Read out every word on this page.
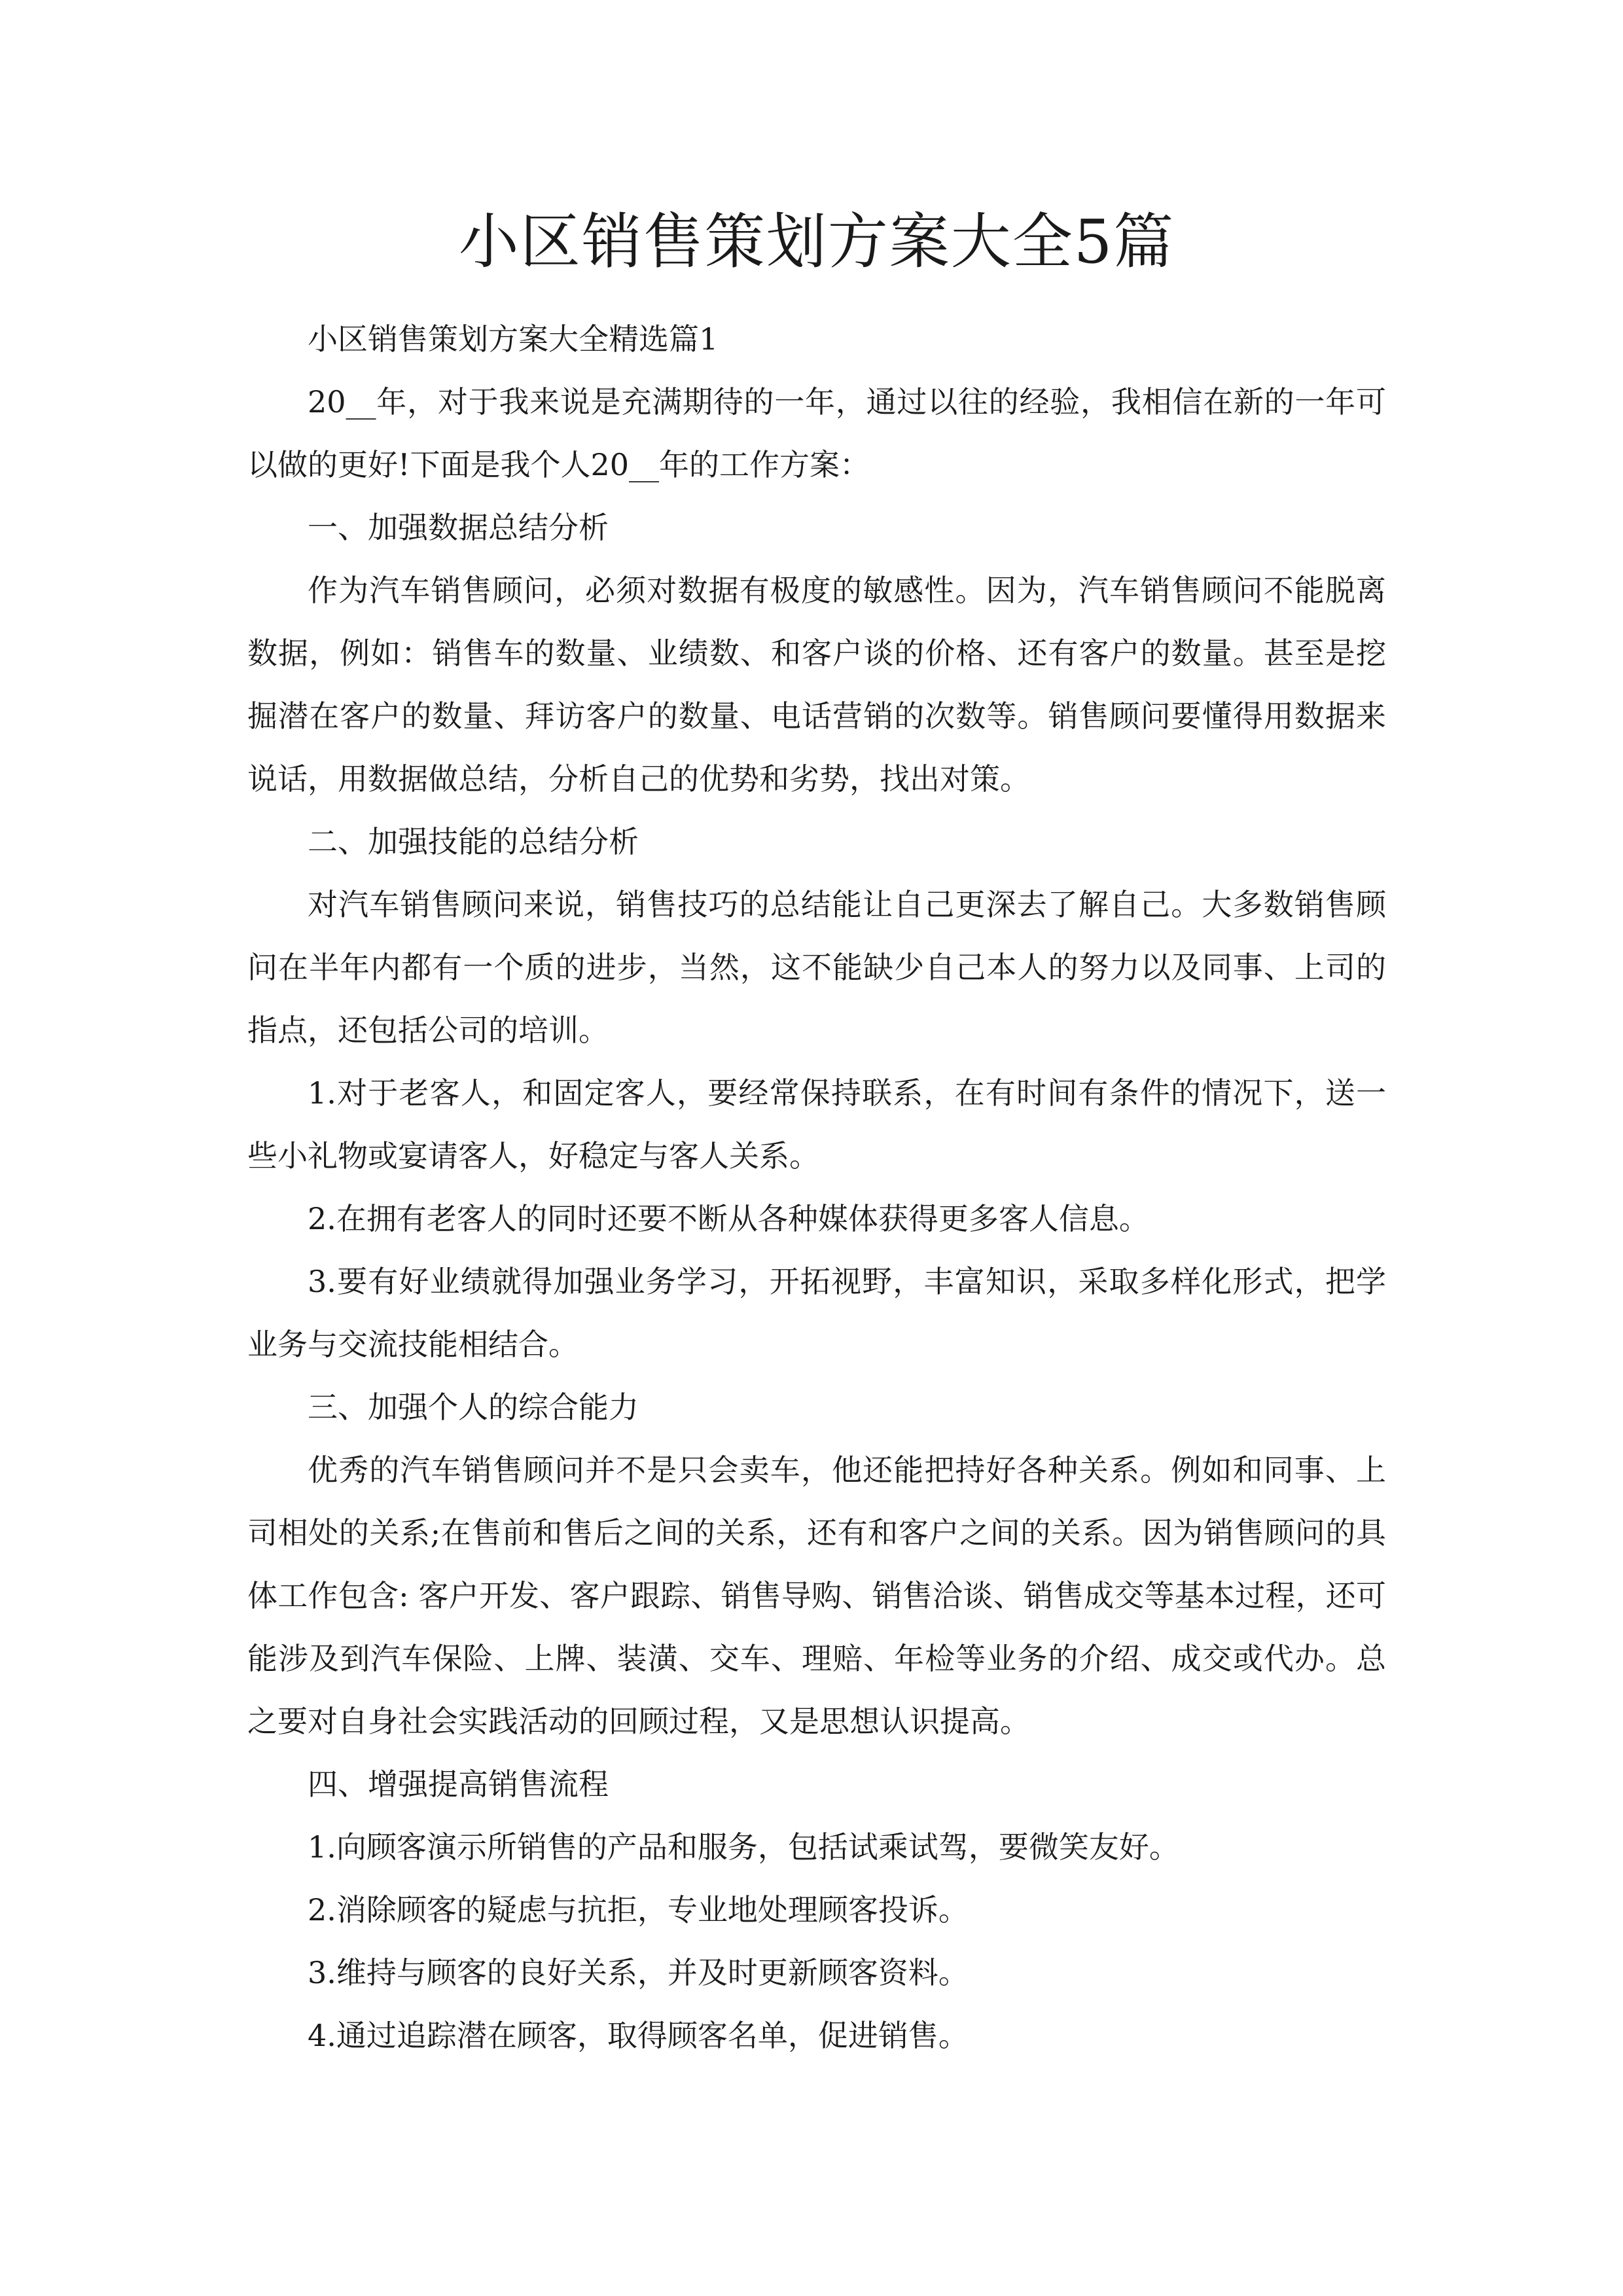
小区销售策划方案大全5篇

小区销售策划方案大全精选篇1

20__年，对于我来说是充满期待的一年，通过以往的经验，我相信在新的一年可以做的更好!下面是我个人20__年的工作方案：

一、加强数据总结分析

作为汽车销售顾问，必须对数据有极度的敏感性。因为，汽车销售顾问不能脱离数据，例如：销售车的数量、业绩数、和客户谈的价格、还有客户的数量。甚至是挖掘潜在客户的数量、拜访客户的数量、电话营销的次数等。销售顾问要懂得用数据来说话，用数据做总结，分析自己的优势和劣势，找出对策。

二、加强技能的总结分析

对汽车销售顾问来说，销售技巧的总结能让自己更深去了解自己。大多数销售顾问在半年内都有一个质的进步，当然，这不能缺少自己本人的努力以及同事、上司的指点，还包括公司的培训。

1.对于老客人，和固定客人，要经常保持联系，在有时间有条件的情况下，送一些小礼物或宴请客人，好稳定与客人关系。

2.在拥有老客人的同时还要不断从各种媒体获得更多客人信息。

3.要有好业绩就得加强业务学习，开拓视野，丰富知识，采取多样化形式，把学业务与交流技能相结合。

三、加强个人的综合能力

优秀的汽车销售顾问并不是只会卖车，他还能把持好各种关系。例如和同事、上司相处的关系;在售前和售后之间的关系，还有和客户之间的关系。因为销售顾问的具体工作包含: 客户开发、客户跟踪、销售导购、销售洽谈、销售成交等基本过程，还可能涉及到汽车保险、上牌、装潢、交车、理赔、年检等业务的介绍、成交或代办。总之要对自身社会实践活动的回顾过程，又是思想认识提高。

四、增强提高销售流程

1.向顾客演示所销售的产品和服务，包括试乘试驾，要微笑友好。

2.消除顾客的疑虑与抗拒，专业地处理顾客投诉。

3.维持与顾客的良好关系，并及时更新顾客资料。

4.通过追踪潜在顾客，取得顾客名单，促进销售。
